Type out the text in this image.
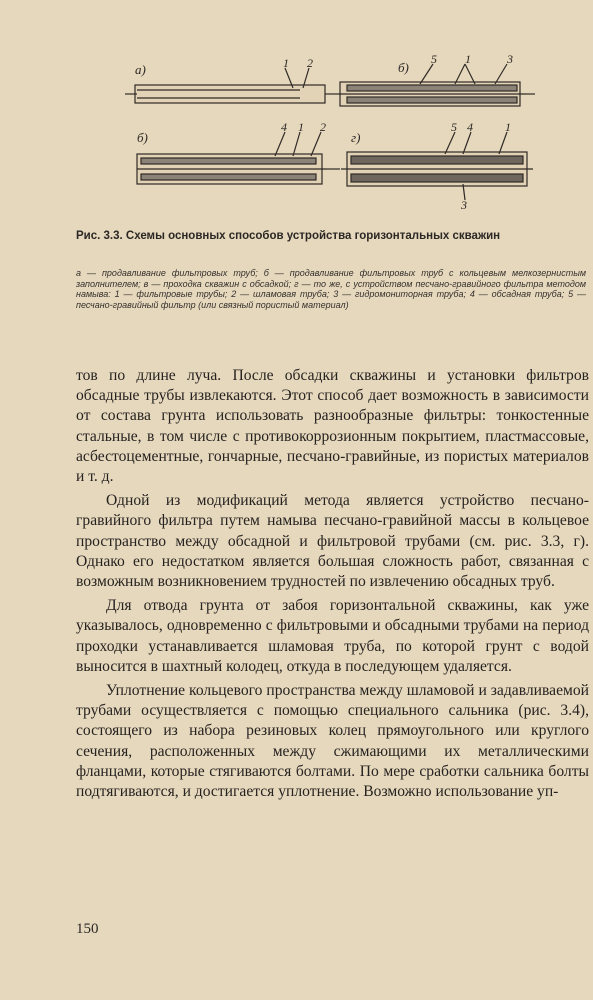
а)	1 2	б)
5 1	3
б)
4 1 2
г)
5 4	1
3
Рис. 3.3. Схемы основных способов устройства горизонтальных скважин
а — продавливание фильтровых труб; б — продавливание фильтровых труб с кольцевым мелкозернистым заполнителем; в — проходка скважин с обсадкой; г — то же, с устройством песчано-гравийного фильтра методом намыва: 1 — фильтровые трубы; 2 — шламовая труба; 3 — гидромониторная труба; 4 — обсадная труба; 5 — песчано-гравийный фильтр (или связный пористый материал)

тов по длине луча. После обсадки скважины и установки фильтров обсадные трубы извлекаются. Этот способ дает возможность в зависимости от состава грунта использовать разнообразные фильтры: тонкостенные стальные, в том числе с противокоррозионным покрытием, пластмассовые, асбестоцементные, гончарные, песчано-гравийные, из пористых материалов и т. д.

Одной из модификаций метода является устройство песчано-гравийного фильтра путем намыва песчано-гравийной массы в кольцевое пространство между обсадной и фильтровой трубами (см. рис. 3.3, г). Однако его недостатком является большая сложность работ, связанная с возможным возникновением трудностей по извлечению обсадных труб.

Для отвода грунта от забоя горизонтальной скважины, как уже указывалось, одновременно с фильтровыми и обсадными трубами на период проходки устанавливается шламовая труба, по которой грунт с водой выносится в шахтный колодец, откуда в последующем удаляется.

Уплотнение кольцевого пространства между шламовой и задавливаемой трубами осуществляется с помощью специального сальника (рис. 3.4), состоящего из набора резиновых колец прямоугольного или круглого сечения, расположенных между сжимающими их металлическими фланцами, которые стягиваются болтами. По мере сработки сальника болты подтягиваются, и достигается уплотнение. Возможно использование уп-

150
